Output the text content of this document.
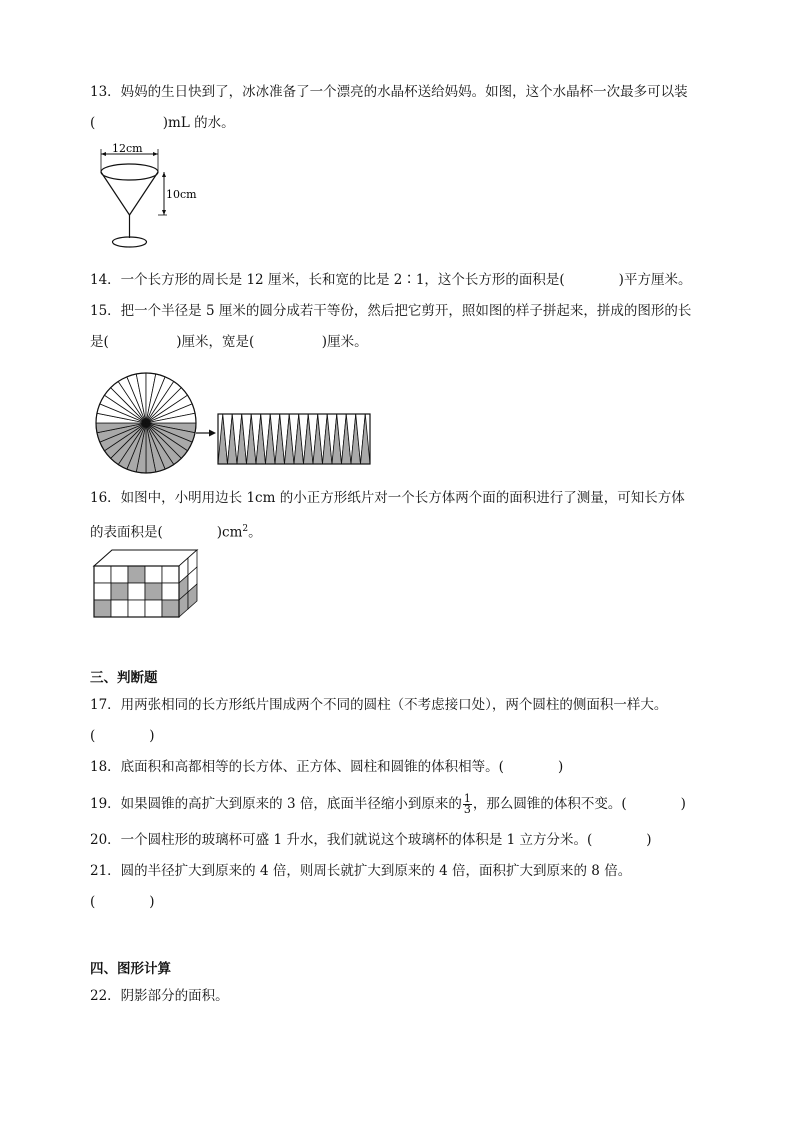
13．妈妈的生日快到了，冰冰准备了一个漂亮的水晶杯送给妈妈。如图，这个水晶杯一次最多可以装
(　　　　　)mL 的水。
12cm
10cm
14．一个长方形的周长是 12 厘米，长和宽的比是 2∶1，这个长方形的面积是(　　　　)平方厘米。
15．把一个半径是 5 厘米的圆分成若干等份，然后把它剪开，照如图的样子拼起来，拼成的图形的长
是(　　　　　)厘米，宽是(　　　　　)厘米。
16．如图中，小明用边长 1cm 的小正方形纸片对一个长方体两个面的面积进行了测量，可知长方体
的表面积是(　　　　)$cm^2$。
三、判断题
17．用两张相同的长方形纸片围成两个不同的圆柱（不考虑接口处），两个圆柱的侧面积一样大。
(　　　　)
18．底面积和高都相等的长方体、正方体、圆柱和圆锥的体积相等。(　　　　)
19．如果圆锥的高扩大到原来的 3 倍，底面半径缩小到原来的 $\frac{1}{3}$ ，那么圆锥的体积不变。(　　　　)
20．一个圆柱形的玻璃杯可盛 1 升水，我们就说这个玻璃杯的体积是 1 立方分米。(　　　　)
21．圆的半径扩大到原来的 4 倍，则周长就扩大到原来的 4 倍，面积扩大到原来的 8 倍。
(　　　　)
四、图形计算
22．阴影部分的面积。
